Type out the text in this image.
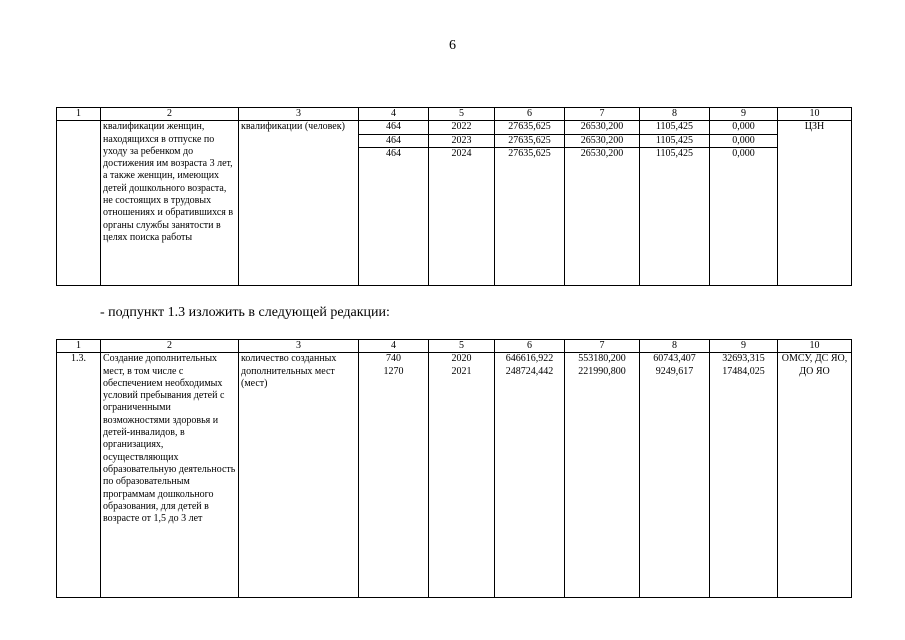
6
1	2	3	4	5	6	7	8	9	10
	квалификации женщин, находящихся в отпуске по уходу за ребенком до достижения им возраста 3 лет, а также женщин, имеющих детей дошкольного возраста, не состоящих в трудовых отношениях и обратившихся в органы службы занятости в целях поиска работы	квалификации (человек)	464	2022	27635,625	26530,200	1105,425	0,000	ЦЗН
			464	2023	27635,625	26530,200	1105,425	0,000	
			464	2024	27635,625	26530,200	1105,425	0,000	
- подпункт 1.3 изложить в следующей редакции:
1	2	3	4	5	6	7	8	9	10
1.3.	Создание дополнительных мест, в том числе с обеспечением необходимых условий пребывания детей с ограниченными возможностями здоровья и детей-инвалидов, в организациях, осуществляющих образовательную деятельность по образовательным программам дошкольного образования, для детей в возрасте от 1,5 до 3 лет	количество созданных дополнительных мест (мест)	740	2020	646616,922	553180,200	60743,407	32693,315	ОМСУ, ДС ЯО, ДО ЯО
			1270	2021	248724,442	221990,800	9249,617	17484,025	
